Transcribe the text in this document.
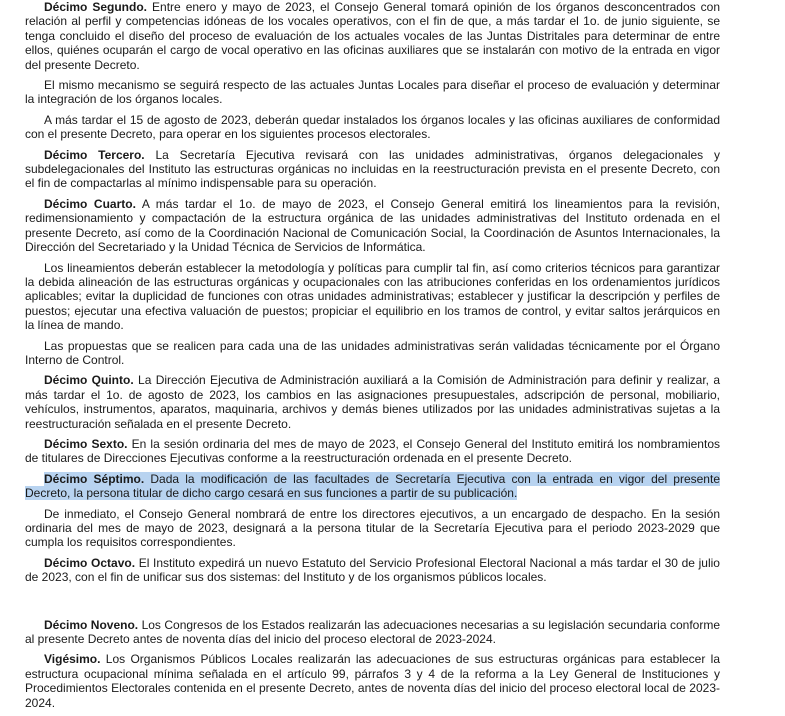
Décimo Segundo. Entre enero y mayo de 2023, el Consejo General tomará opinión de los órganos desconcentrados con relación al perfil y competencias idóneas de los vocales operativos, con el fin de que, a más tardar el 1o. de junio siguiente, se tenga concluido el diseño del proceso de evaluación de los actuales vocales de las Juntas Distritales para determinar de entre ellos, quiénes ocuparán el cargo de vocal operativo en las oficinas auxiliares que se instalarán con motivo de la entrada en vigor del presente Decreto.

El mismo mecanismo se seguirá respecto de las actuales Juntas Locales para diseñar el proceso de evaluación y determinar la integración de los órganos locales.

A más tardar el 15 de agosto de 2023, deberán quedar instalados los órganos locales y las oficinas auxiliares de conformidad con el presente Decreto, para operar en los siguientes procesos electorales.

Décimo Tercero. La Secretaría Ejecutiva revisará con las unidades administrativas, órganos delegacionales y subdelegacionales del Instituto las estructuras orgánicas no incluidas en la reestructuración prevista en el presente Decreto, con el fin de compactarlas al mínimo indispensable para su operación.

Décimo Cuarto. A más tardar el 1o. de mayo de 2023, el Consejo General emitirá los lineamientos para la revisión, redimensionamiento y compactación de la estructura orgánica de las unidades administrativas del Instituto ordenada en el presente Decreto, así como de la Coordinación Nacional de Comunicación Social, la Coordinación de Asuntos Internacionales, la Dirección del Secretariado y la Unidad Técnica de Servicios de Informática.

Los lineamientos deberán establecer la metodología y políticas para cumplir tal fin, así como criterios técnicos para garantizar la debida alineación de las estructuras orgánicas y ocupacionales con las atribuciones conferidas en los ordenamientos jurídicos aplicables; evitar la duplicidad de funciones con otras unidades administrativas; establecer y justificar la descripción y perfiles de puestos; ejecutar una efectiva valuación de puestos; propiciar el equilibrio en los tramos de control, y evitar saltos jerárquicos en la línea de mando.

Las propuestas que se realicen para cada una de las unidades administrativas serán validadas técnicamente por el Órgano Interno de Control.

Décimo Quinto. La Dirección Ejecutiva de Administración auxiliará a la Comisión de Administración para definir y realizar, a más tardar el 1o. de agosto de 2023, los cambios en las asignaciones presupuestales, adscripción de personal, mobiliario, vehículos, instrumentos, aparatos, maquinaria, archivos y demás bienes utilizados por las unidades administrativas sujetas a la reestructuración señalada en el presente Decreto.

Décimo Sexto. En la sesión ordinaria del mes de mayo de 2023, el Consejo General del Instituto emitirá los nombramientos de titulares de Direcciones Ejecutivas conforme a la reestructuración ordenada en el presente Decreto.

Décimo Séptimo. Dada la modificación de las facultades de Secretaría Ejecutiva con la entrada en vigor del presente Decreto, la persona titular de dicho cargo cesará en sus funciones a partir de su publicación.

De inmediato, el Consejo General nombrará de entre los directores ejecutivos, a un encargado de despacho. En la sesión ordinaria del mes de mayo de 2023, designará a la persona titular de la Secretaría Ejecutiva para el periodo 2023-2029 que cumpla los requisitos correspondientes.

Décimo Octavo. El Instituto expedirá un nuevo Estatuto del Servicio Profesional Electoral Nacional a más tardar el 30 de julio de 2023, con el fin de unificar sus dos sistemas: del Instituto y de los organismos públicos locales.

Décimo Noveno. Los Congresos de los Estados realizarán las adecuaciones necesarias a su legislación secundaria conforme al presente Decreto antes de noventa días del inicio del proceso electoral de 2023-2024.

Vigésimo. Los Organismos Públicos Locales realizarán las adecuaciones de sus estructuras orgánicas para establecer la estructura ocupacional mínima señalada en el artículo 99, párrafos 3 y 4 de la reforma a la Ley General de Instituciones y Procedimientos Electorales contenida en el presente Decreto, antes de noventa días del inicio del proceso electoral local de 2023-2024.
